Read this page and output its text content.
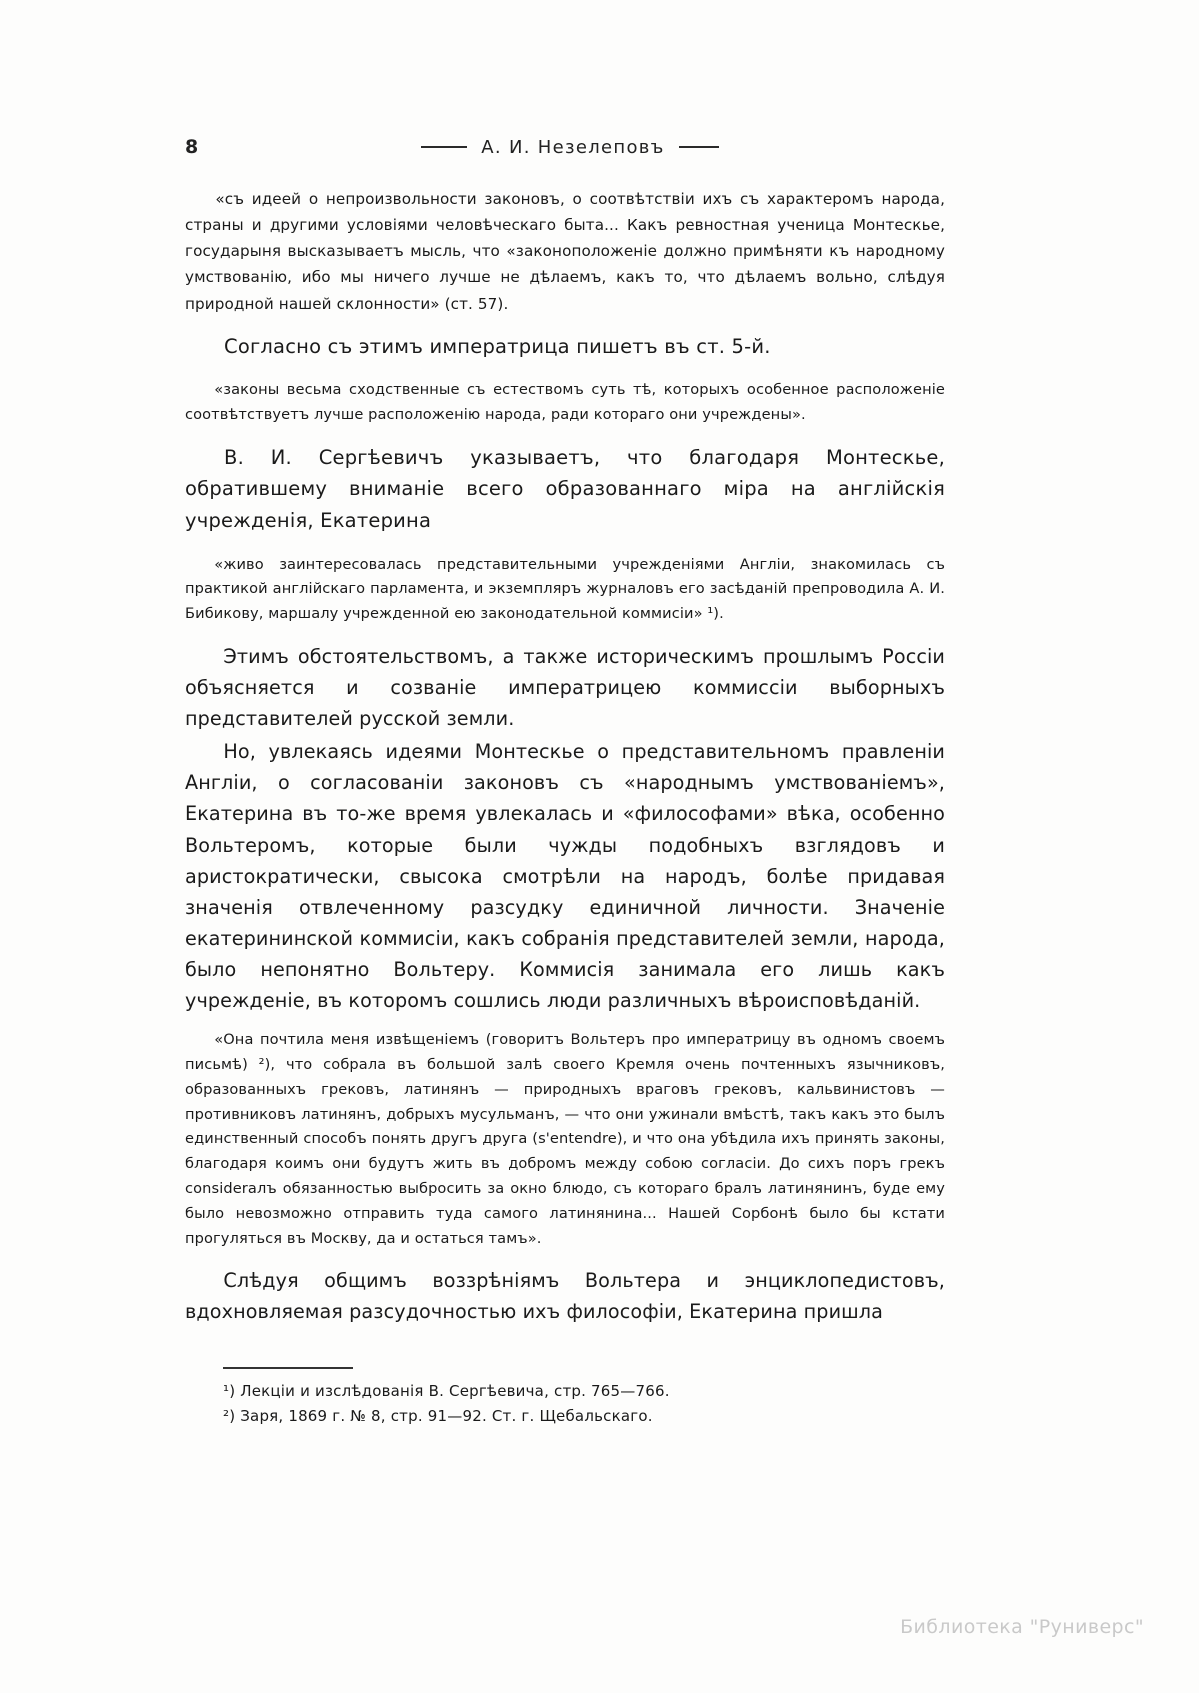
8	А. И. Незелеповъ

«съ идеей о непроизвольности законовъ, о соотвѣтствіи ихъ съ характеромъ народа, страны и другими условіями человѣческаго быта... Какъ ревностная ученица Монтескье, государыня высказываетъ мысль, что «законоположеніе должно примѣняти къ народному умствованію, ибо мы ничего лучше не дѣлаемъ, какъ то, что дѣлаемъ вольно, слѣдуя природной нашей склонности» (ст. 57).

Согласно съ этимъ императрица пишетъ въ ст. 5-й.

«законы весьма сходственные съ естествомъ суть тѣ, которыхъ особенное расположеніе соотвѣтствуетъ лучше расположенію народа, ради которaго они учреждены».

В. И. Сергѣевичъ указываетъ, что благодаря Монтескье, обратившему вниманіе всего образованнаго міра на англійскія учрежденія, Екатерина

«живо заинтересовалась представительными учрежденіями Англіи, знакомилась съ практикой англійскаго парламента, и экземпляръ журналовъ его засѣданій препроводила А. И. Бибикову, маршалу учрежденной ею законодательной коммисіи» ¹).

Этимъ обстоятельствомъ, а также историческимъ прошлымъ Россіи объясняется и созваніе императрицею коммиссіи выборныхъ представителей русской земли.

Но, увлекаясь идеями Монтескье о представительномъ правленіи Англіи, о согласованіи законовъ съ «народнымъ умствованіемъ», Екатерина въ то-же время увлекалась и «философами» вѣка, особенно Вольтеромъ, которые были чужды подобныхъ взглядовъ и аристократически, свысока смотрѣли на народъ, болѣе придавая значенія отвлеченному разсудку единичной личности. Значеніе екатерининской коммисіи, какъ собранія представителей земли, народа, было непонятно Вольтеру. Коммисія занимала его лишь какъ учрежденіе, въ которомъ сошлись люди различныхъ вѣроисповѣданій.

«Она почтила меня извѣщеніемъ (говоритъ Вольтеръ про императрицу въ одномъ своемъ письмѣ) ²), что собрала въ большой залѣ своего Кремля очень почтенныхъ язычниковъ, образованныхъ грековъ, латинянъ — природныхъ враговъ грековъ, кальвинистовъ — противниковъ латинянъ, добрыхъ мусульманъ, — что они ужинали вмѣстѣ, такъ какъ это былъ единственный способъ понять другъ друга (s'entendre), и что она убѣдила ихъ принять законы, благодаря коимъ они будутъ жить въ добромъ между собою согласіи. До сихъ поръ грекъ considerалъ обязанностью выбросить за окно блюдо, съ которaго бралъ латинянинъ, буде ему было невозможно отправить туда самого латинянина... Нашей Сорбонѣ было бы кстати прогуляться въ Москву, да и остаться тамъ».

Слѣдуя общимъ воззрѣніямъ Вольтера и энциклопедистовъ, вдохновляемая разсудочностью ихъ философіи, Екатерина пришла

¹) Лекціи и изслѣдованія В. Сергѣевича, стр. 765—766.
²) Заря, 1869 г. № 8, стр. 91—92. Ст. г. Щебальскаго.
Библиотека "Руниверс"
